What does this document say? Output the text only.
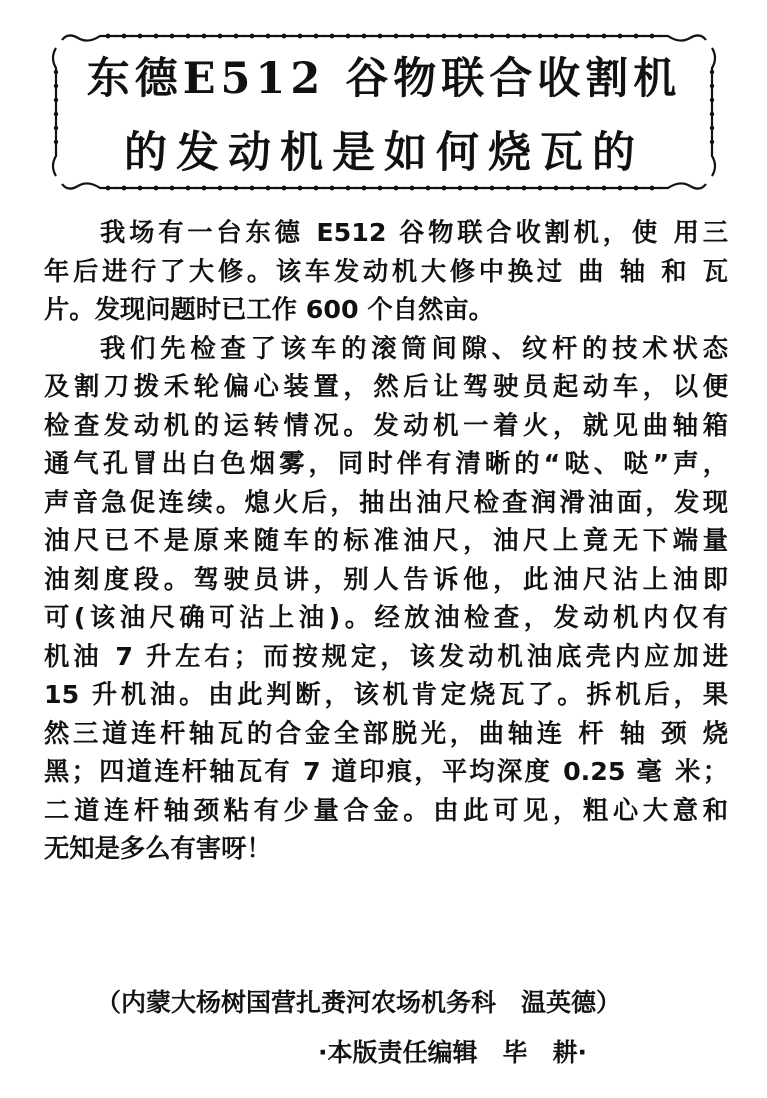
东德E512 谷物联合收割机
的发动机是如何烧瓦的
我场有一台东德 E512 谷物联合收割机，使 用三
年后进行了大修。该车发动机大修中换过 曲 轴 和 瓦
片。发现问题时已工作 600 个自然亩。
我们先检查了该车的滚筒间隙、纹杆的技术状态
及割刀拨禾轮偏心装置，然后让驾驶员起动车，以便
检查发动机的运转情况。发动机一着火，就见曲轴箱
通气孔冒出白色烟雾，同时伴有清晰的“哒、哒”声，
声音急促连续。熄火后，抽出油尺检查润滑油面，发现
油尺已不是原来随车的标准油尺，油尺上竟无下端量
油刻度段。驾驶员讲，别人告诉他，此油尺沾上油即
可(该油尺确可沾上油)。经放油检查，发动机内仅有
机油 7 升左右；而按规定，该发动机油底壳内应加进
15 升机油。由此判断，该机肯定烧瓦了。拆机后，果
然三道连杆轴瓦的合金全部脱光，曲轴连 杆 轴 颈 烧
黑；四道连杆轴瓦有 7 道印痕，平均深度 0.25 毫 米；
二道连杆轴颈粘有少量合金。由此可见，粗心大意和
无知是多么有害呀！
（内蒙大杨树国营扎赉河农场机务科　温英德）
·本版责任编辑　毕　耕·
